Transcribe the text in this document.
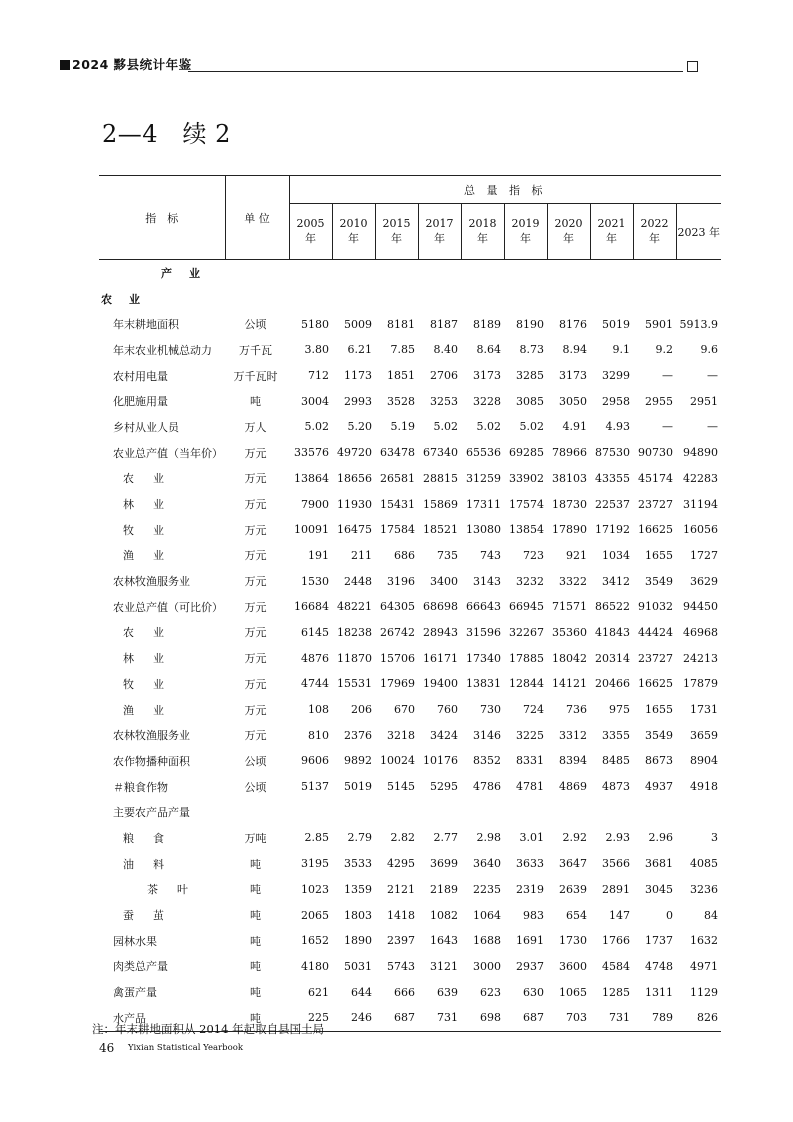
2024 黟县统计年鉴
2—4　续 2
指　标	单 位	总 量 指 标									
		2005 年	2010 年	2015 年	2017 年	2018 年	2019 年	2020 年	2021 年	2022 年	2023 年
产　业											
农　业											
年末耕地面积	公顷	5180	5009	8181	8187	8189	8190	8176	5019	5901	5913.9
年末农业机械总动力	万千瓦	3.80	6.21	7.85	8.40	8.64	8.73	8.94	9.1	9.2	9.6
农村用电量	万千瓦时	712	1173	1851	2706	3173	3285	3173	3299	—	—
化肥施用量	吨	3004	2993	3528	3253	3228	3085	3050	2958	2955	2951
乡村从业人员	万人	5.02	5.20	5.19	5.02	5.02	5.02	4.91	4.93	—	—
农业总产值（当年价）	万元	33576	49720	63478	67340	65536	69285	78966	87530	90730	94890
农　业	万元	13864	18656	26581	28815	31259	33902	38103	43355	45174	42283
林　业	万元	7900	11930	15431	15869	17311	17574	18730	22537	23727	31194
牧　业	万元	10091	16475	17584	18521	13080	13854	17890	17192	16625	16056
渔　业	万元	191	211	686	735	743	723	921	1034	1655	1727
农林牧渔服务业	万元	1530	2448	3196	3400	3143	3232	3322	3412	3549	3629
农业总产值（可比价）	万元	16684	48221	64305	68698	66643	66945	71571	86522	91032	94450
农　业	万元	6145	18238	26742	28943	31596	32267	35360	41843	44424	46968
林　业	万元	4876	11870	15706	16171	17340	17885	18042	20314	23727	24213
牧　业	万元	4744	15531	17969	19400	13831	12844	14121	20466	16625	17879
渔　业	万元	108	206	670	760	730	724	736	975	1655	1731
农林牧渔服务业	万元	810	2376	3218	3424	3146	3225	3312	3355	3549	3659
农作物播种面积	公顷	9606	9892	10024	10176	8352	8331	8394	8485	8673	8904
＃粮食作物	公顷	5137	5019	5145	5295	4786	4781	4869	4873	4937	4918
主要农产品产量											
粮　食	万吨	2.85	2.79	2.82	2.77	2.98	3.01	2.92	2.93	2.96	3
油　料	吨	3195	3533	4295	3699	3640	3633	3647	3566	3681	4085
茶　叶	吨	1023	1359	2121	2189	2235	2319	2639	2891	3045	3236
蚕　茧	吨	2065	1803	1418	1082	1064	983	654	147	0	84
园林水果	吨	1652	1890	2397	1643	1688	1691	1730	1766	1737	1632
肉类总产量	吨	4180	5031	5743	3121	3000	2937	3600	4584	4748	4971
禽蛋产量	吨	621	644	666	639	623	630	1065	1285	1311	1129
水产品	吨	225	246	687	731	698	687	703	731	789	826
注：年末耕地面积从 2014 年起取自县国土局
46 Yixian Statistical Yearbook
